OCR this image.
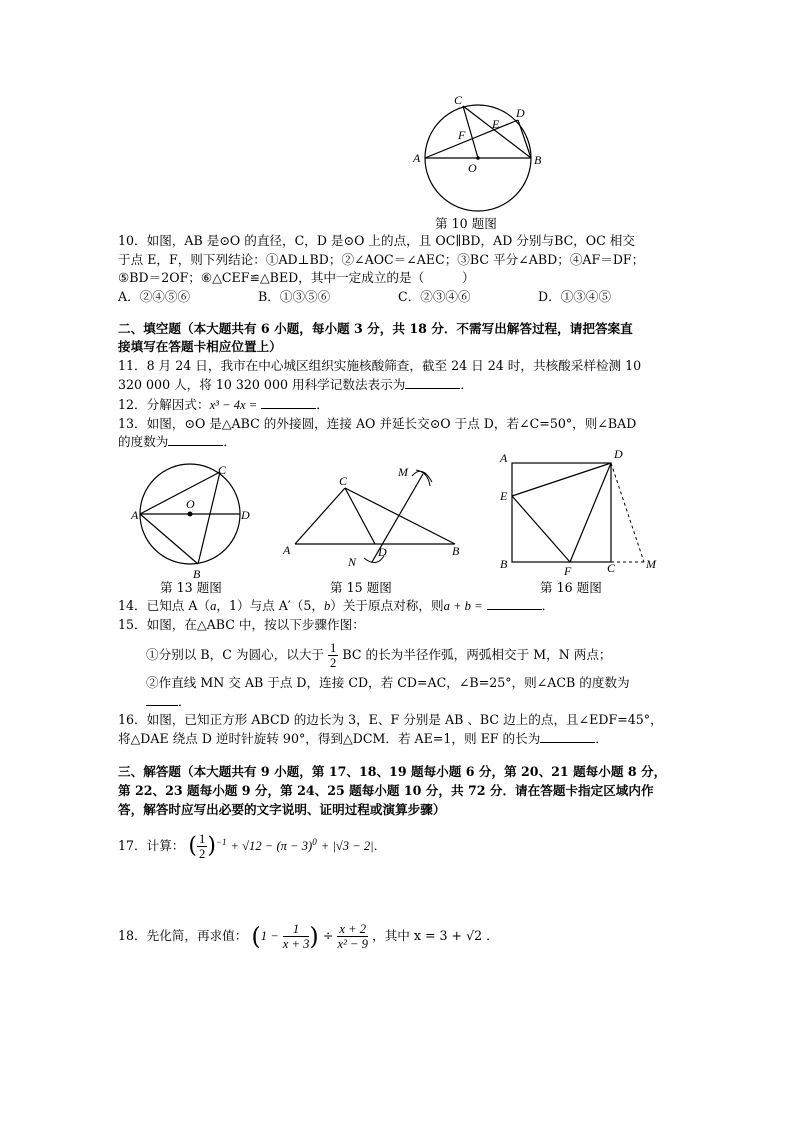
C
D
F
E
A
O
B
第 10 题图
10．如图，AB 是⊙O 的直径，C，D 是⊙O 上的点，且 OC∥BD，AD 分别与BC，OC 相交
于点 E，F，则下列结论：①AD⊥BD；②∠AOC＝∠AEC；③BC 平分∠ABD；④AF＝DF；
⑤BD＝2OF；⑥△CEF≌△BED，其中一定成立的是（　　　）
A．②④⑤⑥	B．①③⑤⑥	C．②③④⑥	D．①③④⑤
二、填空题（本大题共有 6 小题，每小题 3 分，共 18 分．不需写出解答过程，请把答案直
接填写在答题卡相应位置上）
11．8 月 24 日，我市在中心城区组织实施核酸筛查，截至 24 日 24 时，共核酸采样检测 10
320 000 人，将 10 320 000 用科学记数法表示为	．
12．分解因式：x³ − 4x =	．
13．如图，⊙O 是△ABC 的外接圆，连接 AO 并延长交⊙O 于点 D，若∠C=50°，则∠BAD
的度数为	．
C
O
A	D
B
第 13 题图
M
C
A	D	B
N
第 15 题图
A	D
E
B	F	C	M
第 16 题图
14．已知点 A（a，1）与点 A′（5，b）关于原点对称，则a + b =	．
15．如图，在△ABC 中，按以下步骤作图：
①分别以 B，C 为圆心，以大于 $\frac{1}{2}$ BC 的长为半径作弧，两弧相交于 M，N 两点；
②作直线 MN 交 AB 于点 D，连接 CD，若 CD=AC，∠B=25°，则∠ACB 的度数为
．
16．如图，已知正方形 ABCD 的边长为 3，E、F 分别是 AB 、BC 边上的点，且∠EDF=45°，
将△DAE 绕点 D 逆时针旋转 90°，得到△DCM．若 AE=1，则 EF 的长为	．
三、解答题（本大题共有 9 小题，第 17、18、19 题每小题 6 分，第 20、21 题每小题 8 分，
第 22、23 题每小题 9 分，第 24、25 题每小题 10 分，共 72 分．请在答题卡指定区域内作
答，解答时应写出必要的文字说明、证明过程或演算步骤）
17．计算： ( $\frac{1}{2} )^{-1} + √12 - (\pi - 3)^0 + |√3 - 2|$．
18．先化简，再求值： ($1 - \frac{1}{x + 3}$ ) ÷ $\frac{x + 2}{\text{x² − 9}}$ ，其中 x = 3 + √2 ．
